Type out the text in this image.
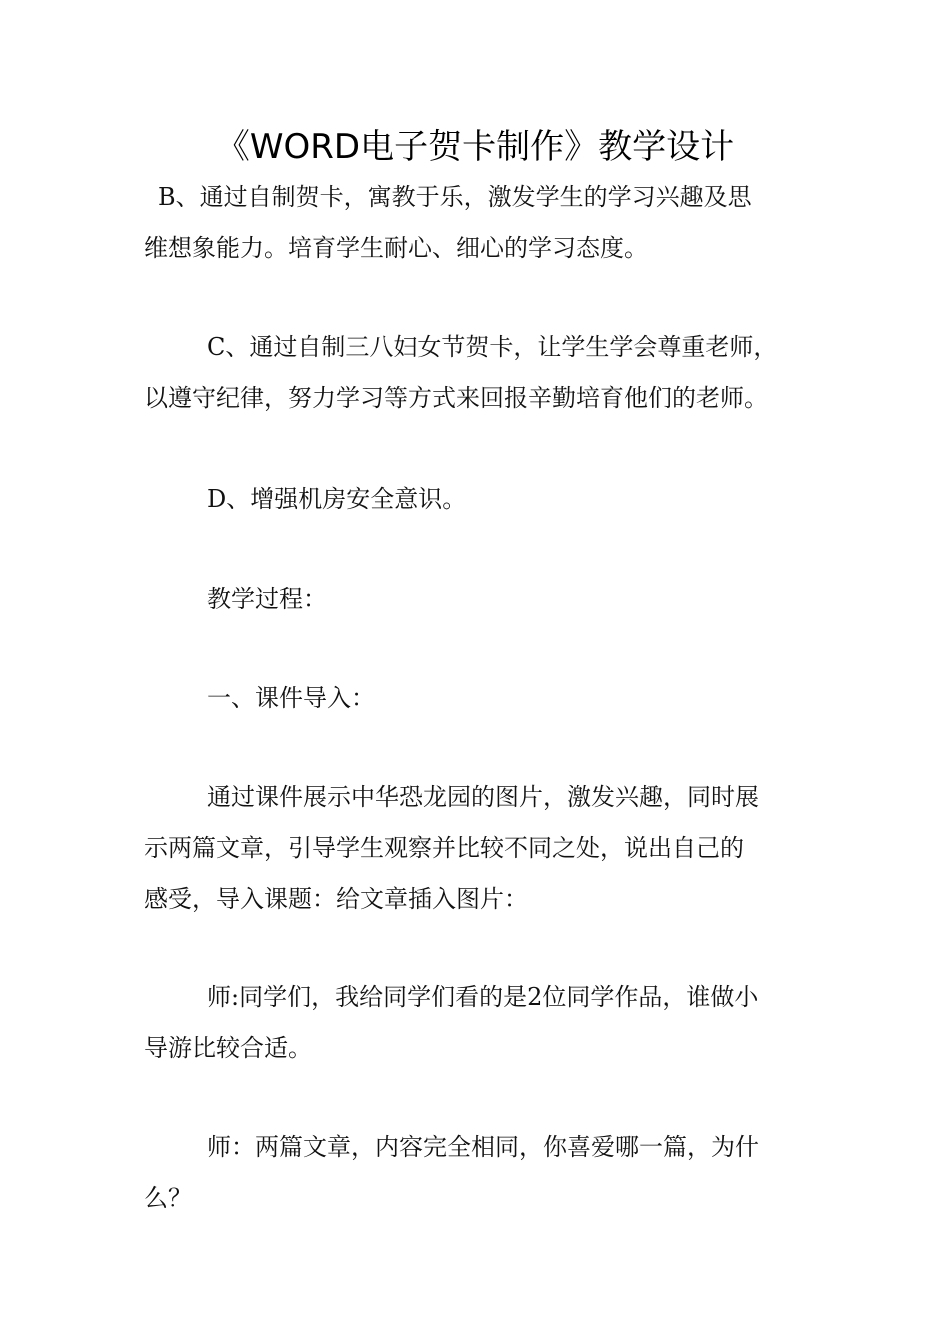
《WORD电子贺卡制作》教学设计

B、通过自制贺卡，寓教于乐，激发学生的学习兴趣及思
维想象能力。培育学生耐心、细心的学习态度。

C、通过自制三八妇女节贺卡，让学生学会尊重老师，
以遵守纪律，努力学习等方式来回报辛勤培育他们的老师。

D、增强机房安全意识。

教学过程：

一、课件导入：

通过课件展示中华恐龙园的图片，激发兴趣，同时展
示两篇文章，引导学生观察并比较不同之处，说出自己的
感受，导入课题：给文章插入图片：

师:同学们，我给同学们看的是2位同学作品，谁做小
导游比较合适。

师：两篇文章，内容完全相同，你喜爱哪一篇，为什
么？
